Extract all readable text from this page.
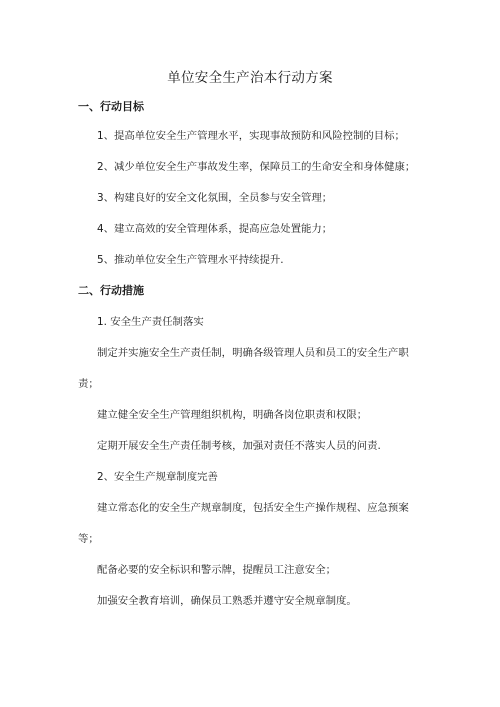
单位安全生产治本行动方案
一、行动目标
1、提高单位安全生产管理水平，实现事故预防和风险控制的目标；
2、减少单位安全生产事故发生率，保障员工的生命安全和身体健康；
3、构建良好的安全文化氛围，全员参与安全管理；
4、建立高效的安全管理体系，提高应急处置能力；
5、推动单位安全生产管理水平持续提升.
二、行动措施
1. 安全生产责任制落实
制定并实施安全生产责任制，明确各级管理人员和员工的安全生产职
责；
建立健全安全生产管理组织机构，明确各岗位职责和权限；
定期开展安全生产责任制考核，加强对责任不落实人员的问责.
2、安全生产规章制度完善
建立常态化的安全生产规章制度，包括安全生产操作规程、应急预案
等；
配备必要的安全标识和警示牌，提醒员工注意安全；
加强安全教育培训，确保员工熟悉并遵守安全规章制度。
